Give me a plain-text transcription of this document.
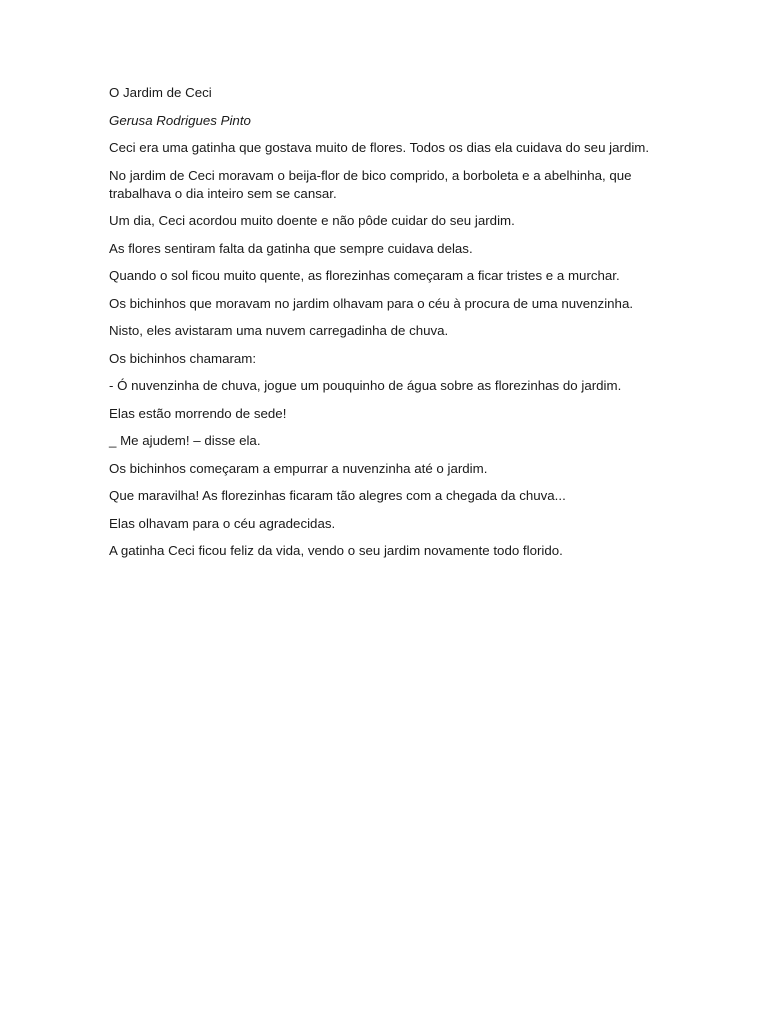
O Jardim de Ceci

Gerusa Rodrigues Pinto

Ceci era uma gatinha que gostava muito de flores. Todos os dias ela cuidava do seu jardim.

No jardim de Ceci moravam o beija-flor de bico comprido, a borboleta e a abelhinha, que

trabalhava o dia inteiro sem se cansar.

Um dia, Ceci acordou muito doente e não pôde cuidar do seu jardim.

As flores sentiram falta da gatinha que sempre cuidava delas.

Quando o sol ficou muito quente, as florezinhas começaram a ficar tristes e a murchar.

Os bichinhos que moravam no jardim olhavam para o céu à procura de uma nuvenzinha.

Nisto, eles avistaram uma nuvem carregadinha de chuva.

Os bichinhos chamaram:

- Ó nuvenzinha de chuva, jogue um pouquinho de água sobre as florezinhas do jardim.

Elas estão morrendo de sede!

_ Me ajudem! – disse ela.

Os bichinhos começaram a empurrar a nuvenzinha até o jardim.

Que maravilha! As florezinhas ficaram tão alegres com a chegada da chuva...

Elas olhavam para o céu agradecidas.

A gatinha Ceci ficou feliz da vida, vendo o seu jardim novamente todo florido.
